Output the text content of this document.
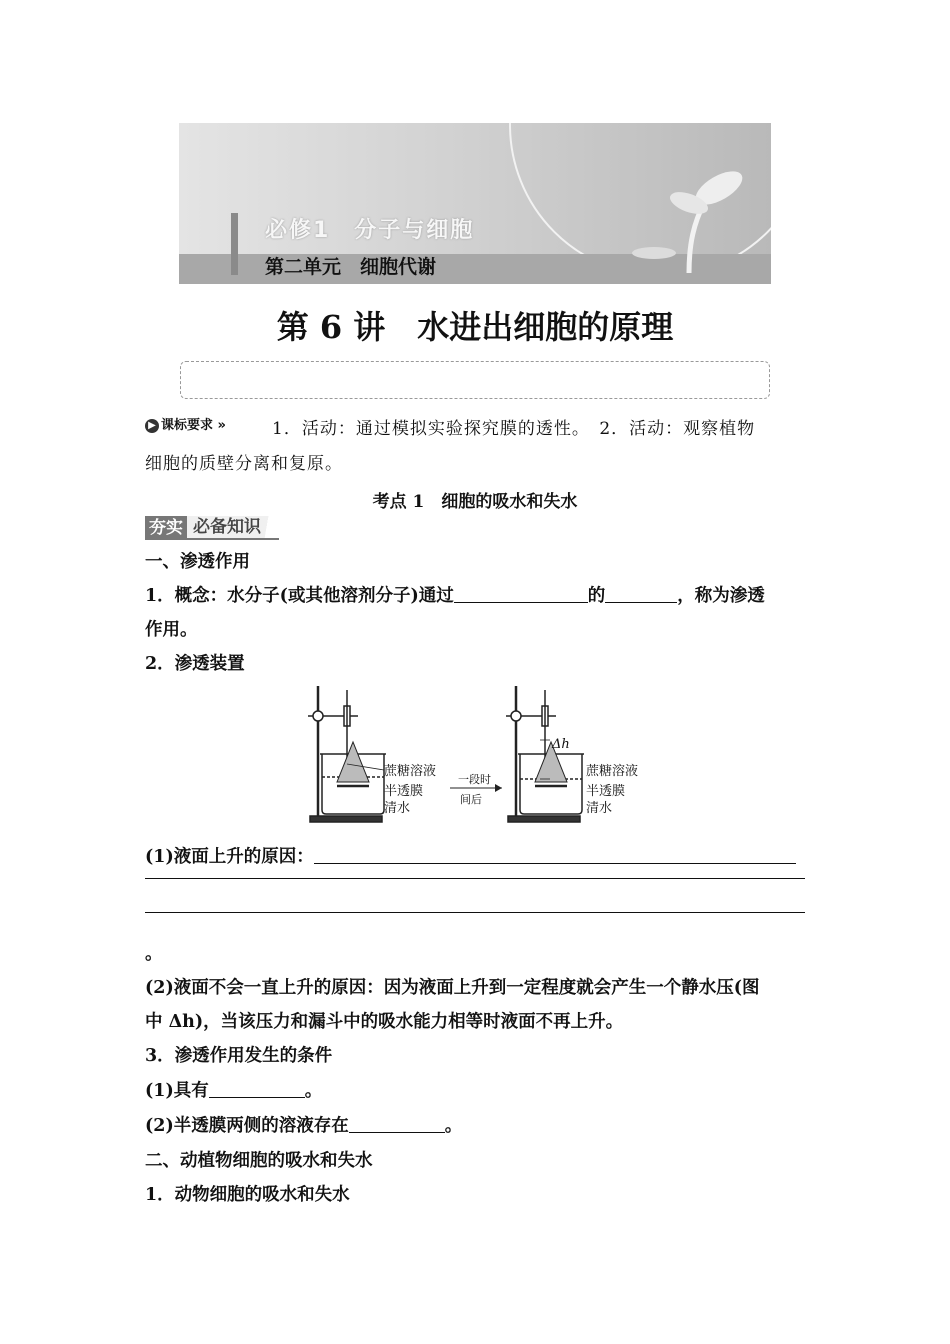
必修1　分子与细胞
第二单元　细胞代谢
第 6 讲　水进出细胞的原理
▶ 课标要求 »	1．活动：通过模拟实验探究膜的透性。　2．活动：观察植物
细胞的质壁分离和复原。
考点 1　细胞的吸水和失水
夯实 必备知识
一、渗透作用
1．概念：水分子(或其他溶剂分子)通过	的	，称为渗透
作用。
2．渗透装置
蔗糖溶液
半透膜
清水
一段时
间后
Δh
蔗糖溶液
半透膜
清水
(1)液面上升的原因：
。
(2)液面不会一直上升的原因：因为液面上升到一定程度就会产生一个静水压(图
中 Δh)，当该压力和漏斗中的吸水能力相等时液面不再上升。
3．渗透作用发生的条件
(1)具有	。
(2)半透膜两侧的溶液存在	。
二、动植物细胞的吸水和失水
1．动物细胞的吸水和失水
